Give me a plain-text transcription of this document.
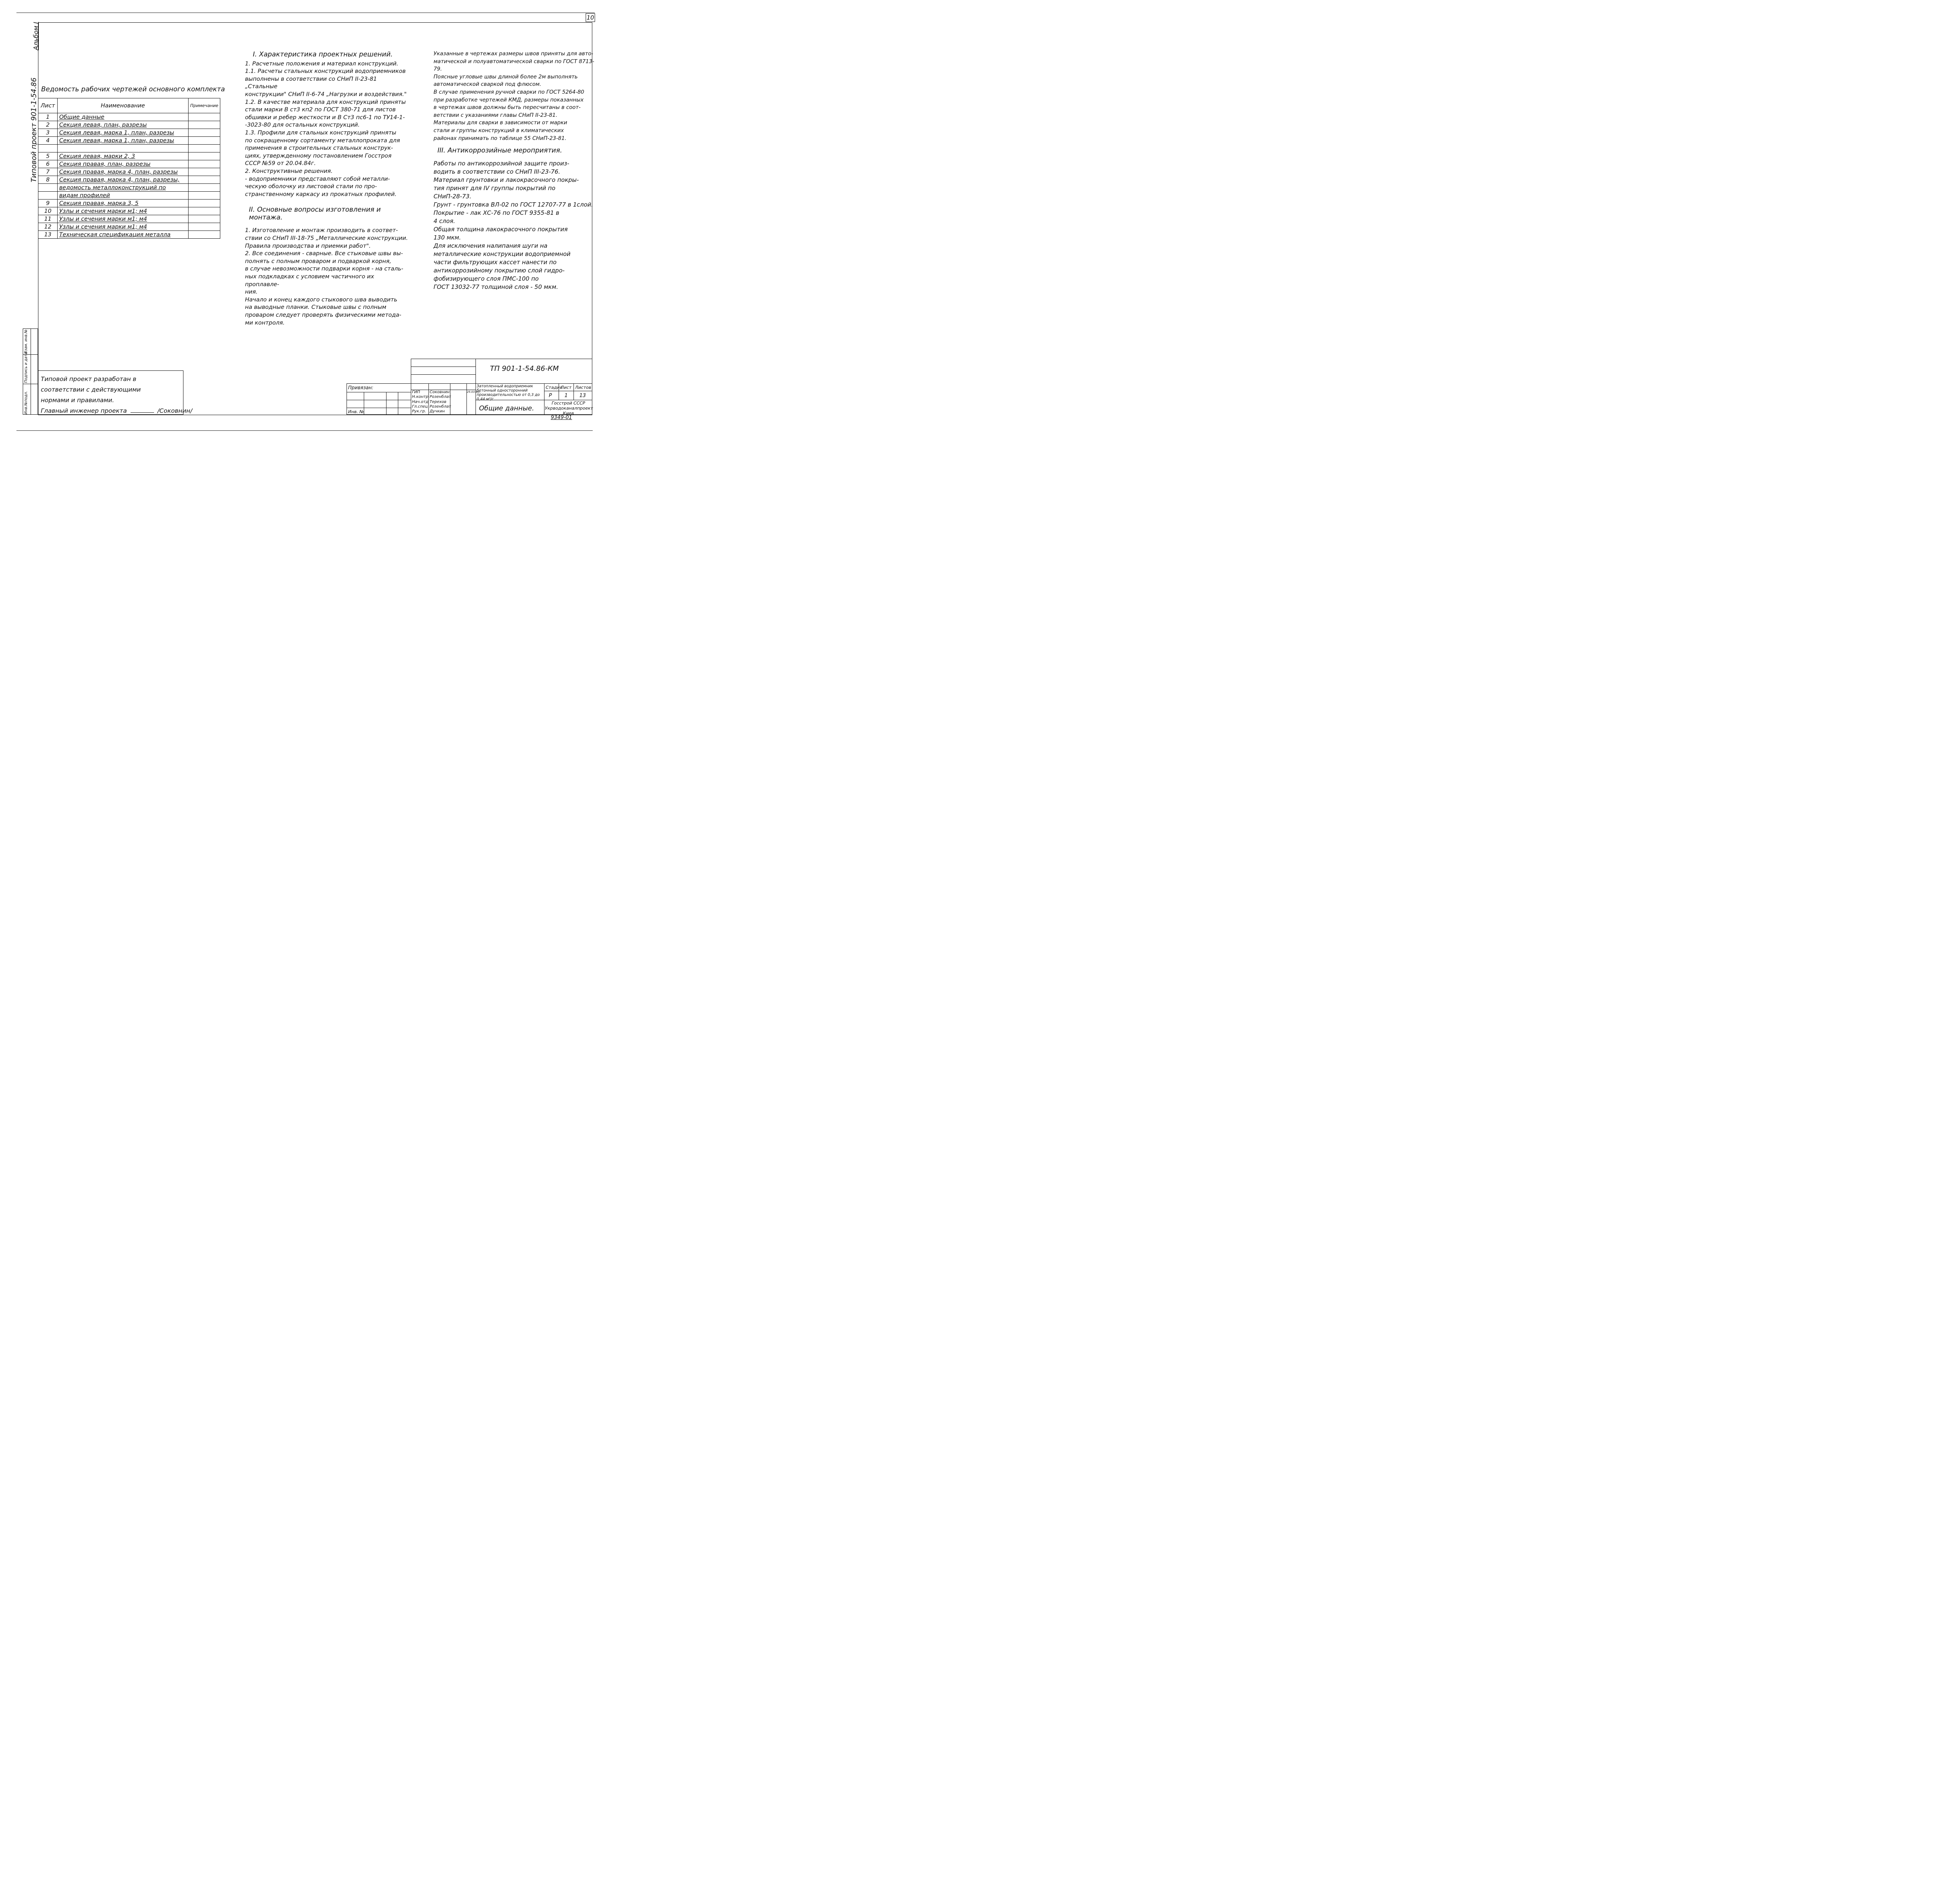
10
Альбом I
Типовой проект 901-1-54.86
Инв.№подл.
Подпись и дата
Взам. инв.№
Ведомость рабочих чертежей основного комплекта
Лист	Наименование	Примечание
1	Общие данные	
2	Секция левая, план, разрезы	
3	Секция левая, марка 1, план, разрезы	
4	Секция левая, марка 1, план, разрезы	

5	Секция левая, марки 2, 3	
6	Секция правая, план, разрезы	
7	Секция правая, марка 4, план, разрезы	
8	Секция правая, марка 4, план, разрезы,	
	ведомость металлоконструкций по	
	видам профилей	
9	Секция правая, марка 3, 5	
10	Узлы и сечения марки м1; м4	
11	Узлы и сечения марки м1; м4	
12	Узлы и сечения марки м1; м4	
13	Техническая спецификация металла	

I. Характеристика проектных решений.

1. Расчетные положения и материал конструкций.

1.1. Расчеты стальных конструкций водоприемников

выполнены в соответствии со СНиП II-23-81 „Стальные

конструкции" СНиП II-6-74 „Нагрузки и воздействия."

1.2. В качестве материала для конструкций приняты

стали марки В ст3 кп2 по ГОСТ 380-71 для листов

обшивки и ребер жесткости и В Ст3 пс6-1 по ТУ14-1-

-3023-80 для остальных конструкций.

1.3. Профили для стальных конструкций приняты

по сокращенному сортаменту металлопроката для

применения в строительных стальных конструк-

циях, утвержденному постановлением Госстроя

СССР №59 от 20.04.84г.

2. Конструктивные решения.

- водоприемники представляют собой металли-

ческую оболочку из листовой стали по про-

странственному каркасу из прокатных профилей.

II. Основные вопросы изготовления и монтажа.

1. Изготовление и монтаж производить в соответ-

ствии со СНиП III-18-75 „Металлические конструкции.

Правила производства и приемки работ".

2. Все соединения - сварные. Все стыковые швы вы-

полнять с полным проваром и подваркой корня,

в случае невозможности подварки корня - на сталь-

ных подкладках с условием частичного их проплавле-

ния.

Начало и конец каждого стыкового шва выводить

на выводные планки. Стыковые швы с полным

проваром следует проверять физическими метода-

ми контроля.

Указанные в чертежах размеры швов приняты для авто-

матической и полуавтоматической сварки по ГОСТ 8713-79.

Поясные угловые швы длиной более 2м выполнять

автоматической сваркой под флюсом.

В случае применения ручной сварки по ГОСТ 5264-80

при разработке чертежей КМД, размеры показанных

в чертежах швов должны быть пересчитаны в соот-

ветствии с указаниями главы СНиП II-23-81.

Материалы для сварки в зависимости от марки

стали и группы конструкций в климатических

районах принимать по таблице 55 СНиП-23-81.

III. Антикоррозийные мероприятия.

Работы по антикоррозийной защите произ-

водить в соответствии со СНиП III-23-76.

Материал грунтовки и лакокрасочного покры-

тия принят для IV группы покрытий по

СНиП-28-73.

Грунт - грунтовка ВЛ-02 по ГОСТ 12707-77 в 1слой.

Покрытие - лак ХС-76 по ГОСТ 9355-81 в

4 слоя.

Общая толщина лакокрасочного покрытия

130 мкм.

Для исключения налипания шуги на

металлические конструкции водоприемной

части фильтрующих кассет нанести по

антикоррозийному покрытию слой гидро-

фобизирующего слоя ПМС-100 по

ГОСТ 13032-77 толщиной слоя - 50 мкм.

Типовой проект разработан в
соответствии с действующими
нормами и правилами.
Главный инженер проекта	/Соковнин/
Привязан:
Инв. №
ТП 901-1-54.86-КМ
ГИП Соковнин
Н.контр Розенблат
Нач.отд Терехов
Гл.спец Розенблат
Рук.гр. Дучкин
25.03.86г.
Затопленный водоприемник бетонный односторонний производительностью от 0,3 до 0,44 м³/с
Стадия
Лист Листов
Р 1 13
Общие данные.
Госстрой СССР Укрводоканалпроект Киев
9349-01
